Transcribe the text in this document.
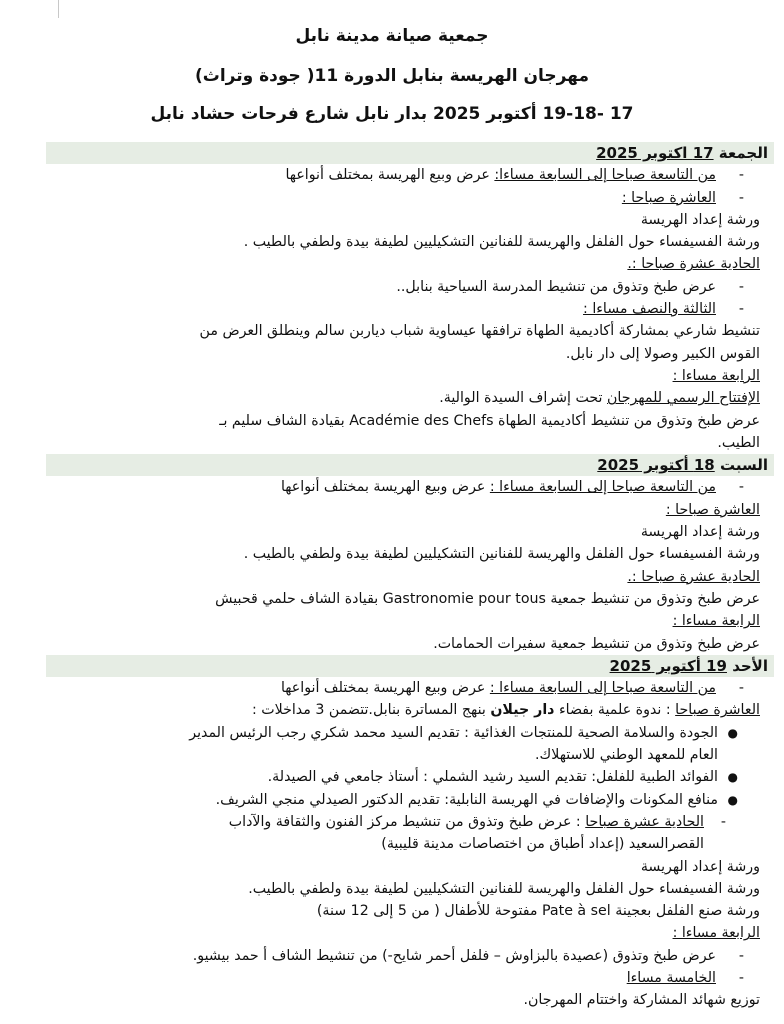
جمعية صيانة مدينة نابل
مهرجان الهريسة بنابل الدورة 11( جودة وتراث)
17 -19-18 أكتوبر 2025 بدار نابل شارع فرحات حشاد نابل
الجمعة 17 اكتوبر 2025
-
من التاسعة صباحا إلى السابعة مساءا: عرض وبيع الهريسة بمختلف أنواعها
-
العاشرة صباحا :
ورشة إعداد الهريسة
ورشة الفسيفساء حول الفلفل والهريسة للفنانين التشكيليين لطيفة بيدة ولطفي بالطيب .
الحادية عشرة صباحا :.
-
عرض طبخ وتذوق من تنشيط المدرسة السياحية بنابل..
-
الثالثة والنصف مساءا :
تنشيط شارعي بمشاركة أكاديمية الطهاة ترافقها عيساوية شباب دياربن سالم وينطلق العرض من
القوس الكبير وصولا إلى دار نابل.
الرابعة مساءا :
الإفتتاح الرسمي للمهرجان تحت إشراف السيدة الوالية.
عرض طبخ وتذوق من تنشيط أكاديمية الطهاة Académie des Chefs بقيادة الشاف سليم بـ
الطيب.
السبت 18 أكتوبر 2025
-
من التاسعة صباحا إلى السابعة مساءا : عرض وبيع الهريسة بمختلف أنواعها
العاشرة صباحا :
ورشة إعداد الهريسة
ورشة الفسيفساء حول الفلفل والهريسة للفنانين التشكيليين لطيفة بيدة ولطفي بالطيب .
الحادية عشرة صباحا :.
عرض طبخ وتذوق من تنشيط جمعية Gastronomie pour tous بقيادة الشاف حلمي قحبيش
الرابعة مساءا :
عرض طبخ وتذوق من تنشيط جمعية سفيرات الحمامات.
الأحد 19 أكتوبر 2025
-
من التاسعة صباحا إلى السابعة مساءا : عرض وبيع الهريسة بمختلف أنواعها
العاشرة صباحا : ندوة علمية بفضاء دار جيلان بنهج المساترة بنابل.تتضمن 3 مداخلات :
●
الجودة والسلامة الصحية للمنتجات الغذائية : تقديم السيد محمد شكري رجب الرئيس المدير
العام للمعهد الوطني للاستهلاك.
●
الفوائد الطبية للفلفل: تقديم السيد رشيد الشملي : أستاذ جامعي في الصيدلة.
●
منافع المكونات والإضافات في الهريسة النابلية: تقديم الدكتور الصيدلي منجي الشريف.
-
الحادية عشرة صباحا : عرض طبخ وتذوق من تنشيط مركز الفنون والثقافة والآداب
القصرالسعيد (إعداد أطباق من اختصاصات مدينة قليبية)
ورشة إعداد الهريسة
ورشة الفسيفساء حول الفلفل والهريسة للفنانين التشكيليين لطيفة بيدة ولطفي بالطيب.
ورشة صنع الفلفل بعجينة Pate à sel مفتوحة للأطفال ( من 5 إلى 12 سنة)
الرابعة مساءا :
-
عرض طبخ وتذوق (عصيدة بالبزاوش – فلفل أحمر شايح-) من تنشيط الشاف أ حمد بيشيو.
-
الخامسة مساءا
توزيع شهائد المشاركة واختتام المهرجان.
